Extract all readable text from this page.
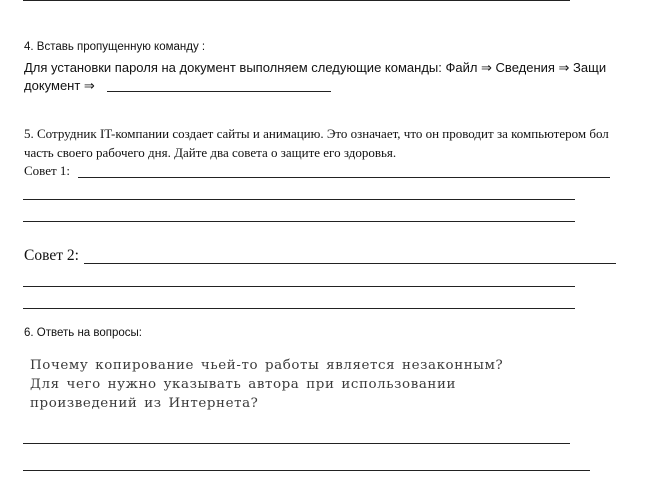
4. Вставь пропущенную команду :
Для установки пароля на документ выполняем следующие команды: Файл ⇒ Сведения ⇒ Защи
документ ⇒
5. Сотрудник IT-компании создает сайты и анимацию. Это означает, что он проводит за компьютером бол
часть своего рабочего дня. Дайте два совета о защите его здоровья.
Совет 1:
Совет 2:
6. Ответь на вопросы:
Почему копирование чьей-то работы является незаконным?
Для чего нужно указывать автора при использовании
произведений из Интернета?
